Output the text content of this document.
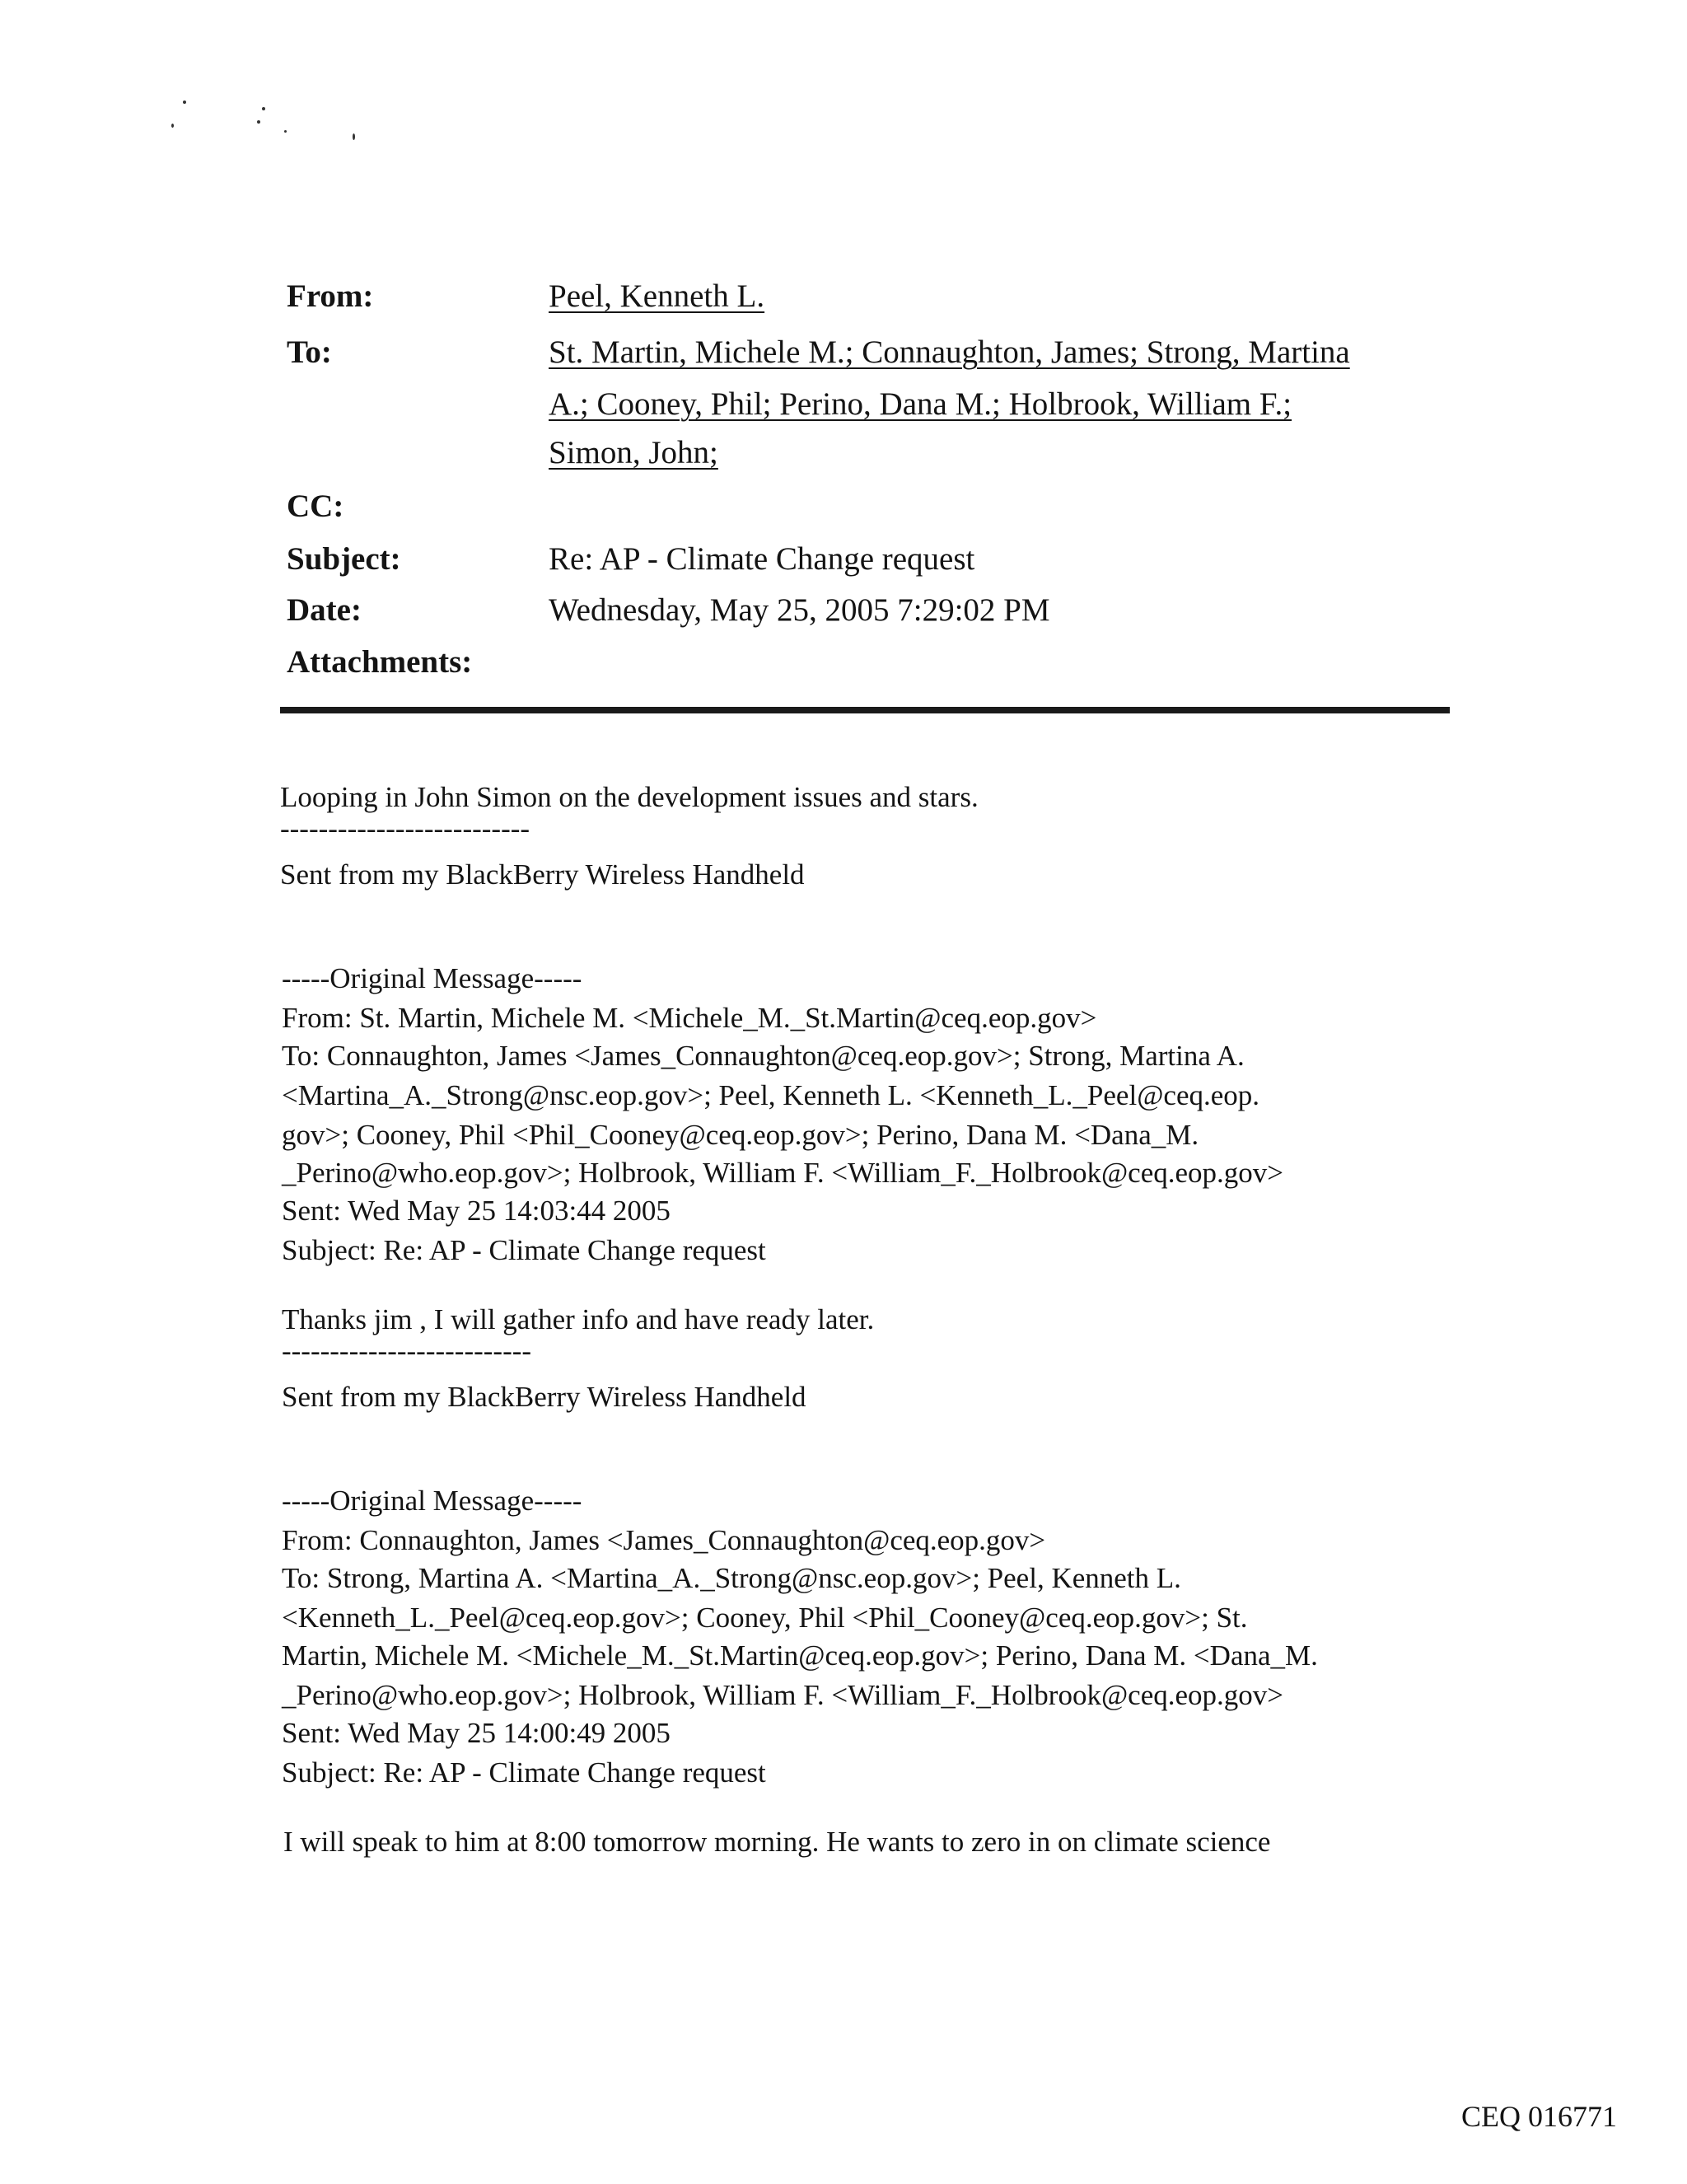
From:	Peel, Kenneth L.
To:	St. Martin, Michele M.; Connaughton, James; Strong, Martina
A.; Cooney, Phil; Perino, Dana M.; Holbrook, William F.;
Simon, John;
CC:
Subject:	Re: AP - Climate Change request
Date:	Wednesday, May 25, 2005 7:29:02 PM
Attachments:
Looping in John Simon on the development issues and stars.
--------------------------
Sent from my BlackBerry Wireless Handheld
-----Original Message-----
From: St. Martin, Michele M. <Michele_M._St.Martin@ceq.eop.gov>
To: Connaughton, James <James_Connaughton@ceq.eop.gov>; Strong, Martina A.
<Martina_A._Strong@nsc.eop.gov>; Peel, Kenneth L. <Kenneth_L._Peel@ceq.eop.
gov>; Cooney, Phil <Phil_Cooney@ceq.eop.gov>; Perino, Dana M. <Dana_M.
_Perino@who.eop.gov>; Holbrook, William F. <William_F._Holbrook@ceq.eop.gov>
Sent: Wed May 25 14:03:44 2005
Subject: Re: AP - Climate Change request
Thanks jim , I will gather info and have ready later.
--------------------------
Sent from my BlackBerry Wireless Handheld
-----Original Message-----
From: Connaughton, James <James_Connaughton@ceq.eop.gov>
To: Strong, Martina A. <Martina_A._Strong@nsc.eop.gov>; Peel, Kenneth L.
<Kenneth_L._Peel@ceq.eop.gov>; Cooney, Phil <Phil_Cooney@ceq.eop.gov>; St.
Martin, Michele M. <Michele_M._St.Martin@ceq.eop.gov>; Perino, Dana M. <Dana_M.
_Perino@who.eop.gov>; Holbrook, William F. <William_F._Holbrook@ceq.eop.gov>
Sent: Wed May 25 14:00:49 2005
Subject: Re: AP - Climate Change request
I will speak to him at 8:00 tomorrow morning. He wants to zero in on climate science
CEQ 016771
